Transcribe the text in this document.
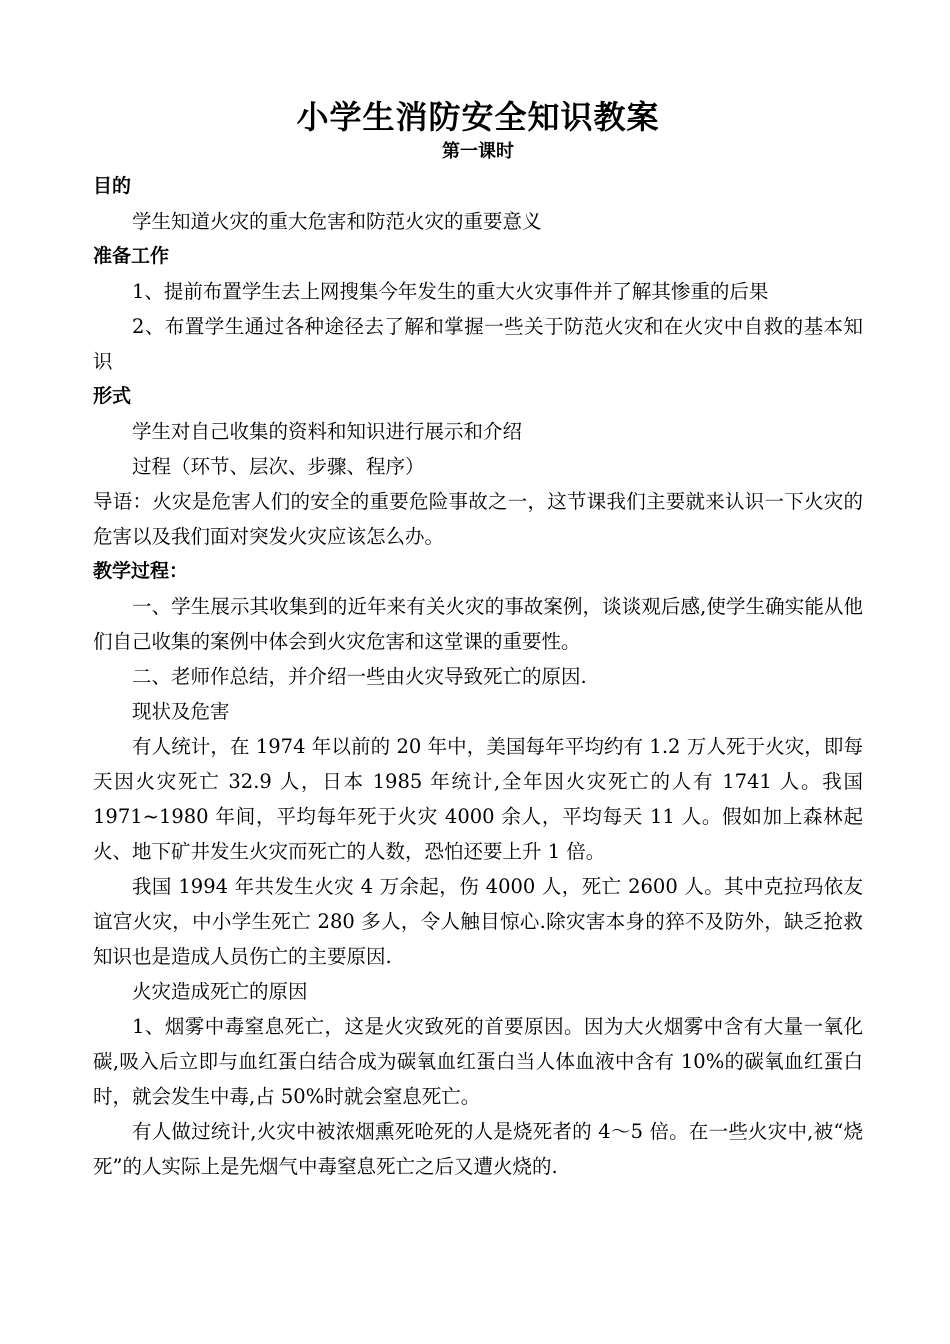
小学生消防安全知识教案
第一课时
目的

学生知道火灾的重大危害和防范火灾的重要意义

准备工作

1、提前布置学生去上网搜集今年发生的重大火灾事件并了解其惨重的后果

2、布置学生通过各种途径去了解和掌握一些关于防范火灾和在火灾中自救的基本知识

形式

学生对自己收集的资料和知识进行展示和介绍

过程（环节、层次、步骤、程序）

导语：火灾是危害人们的安全的重要危险事故之一，这节课我们主要就来认识一下火灾的危害以及我们面对突发火灾应该怎么办。

教学过程：

一、学生展示其收集到的近年来有关火灾的事故案例，谈谈观后感,使学生确实能从他们自己收集的案例中体会到火灾危害和这堂课的重要性。

二、老师作总结，并介绍一些由火灾导致死亡的原因.

现状及危害

有人统计，在 1974 年以前的 20 年中，美国每年平均约有 1.2 万人死于火灾，即每天因火灾死亡 32.9 人，日本 1985 年统计,全年因火灾死亡的人有 1741 人。我国 1971~1980 年间，平均每年死于火灾 4000 余人，平均每天 11 人。假如加上森林起火、地下矿井发生火灾而死亡的人数，恐怕还要上升 1 倍。

我国 1994 年共发生火灾 4 万余起，伤 4000 人，死亡 2600 人。其中克拉玛依友谊宫火灾，中小学生死亡 280 多人，令人触目惊心.除灾害本身的猝不及防外，缺乏抢救知识也是造成人员伤亡的主要原因.

火灾造成死亡的原因

1、烟雾中毒窒息死亡，这是火灾致死的首要原因。因为大火烟雾中含有大量一氧化碳,吸入后立即与血红蛋白结合成为碳氧血红蛋白当人体血液中含有 10%的碳氧血红蛋白时，就会发生中毒,占 50%时就会窒息死亡。

有人做过统计,火灾中被浓烟熏死呛死的人是烧死者的 4～5 倍。在一些火灾中,被“烧死”的人实际上是先烟气中毒窒息死亡之后又遭火烧的.
